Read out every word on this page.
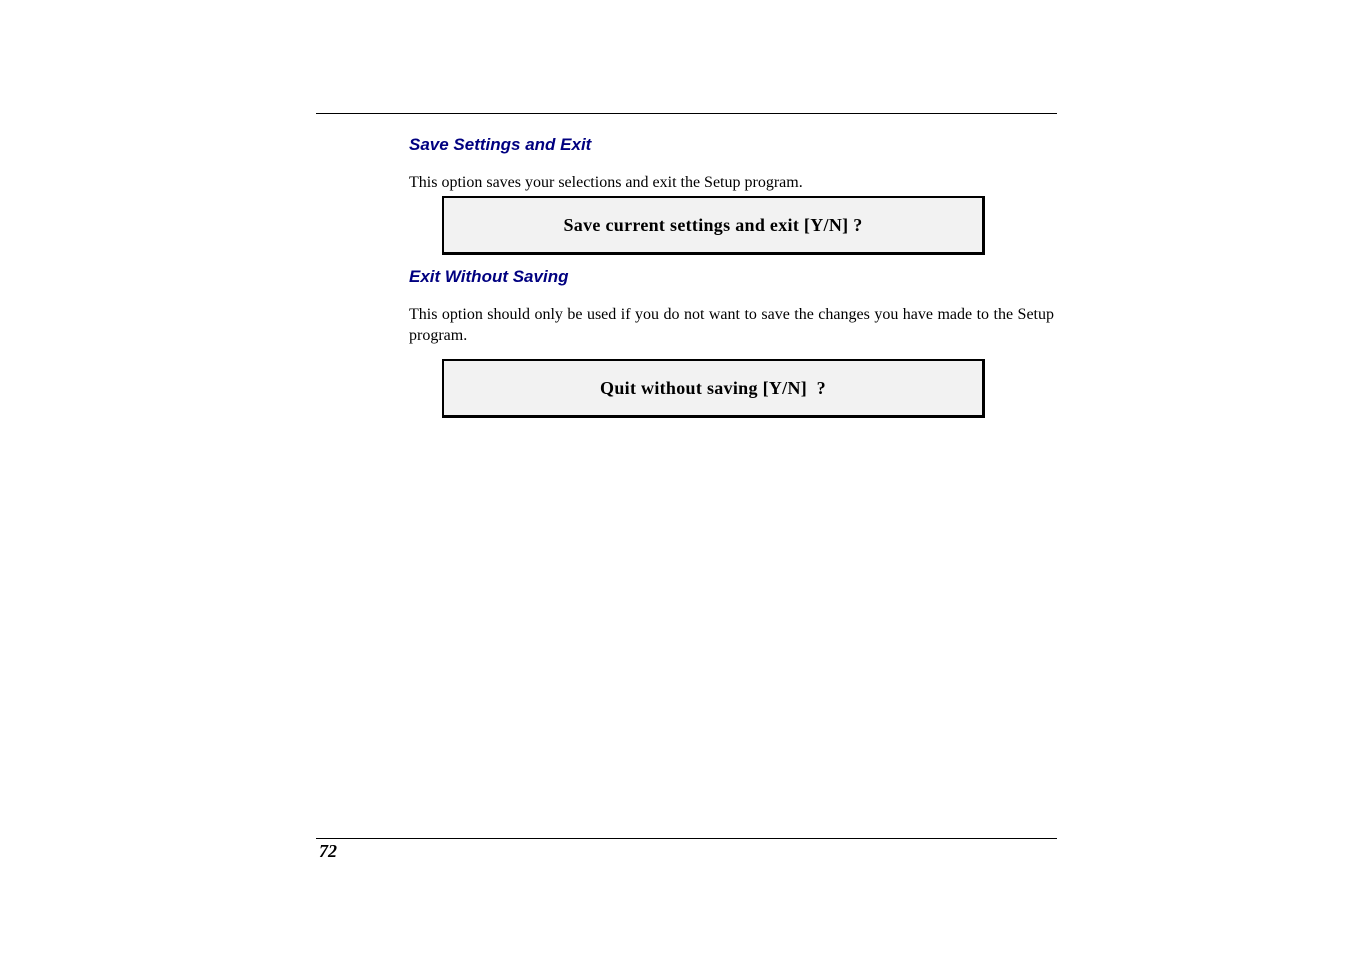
Save Settings and Exit

This option saves your selections and exit the Setup program.

Save current settings and exit [Y/N] ?
Exit Without Saving

This option should only be used if you do not want to save the changes you have made to the Setup program.

Quit without saving [Y/N]  ?

72
